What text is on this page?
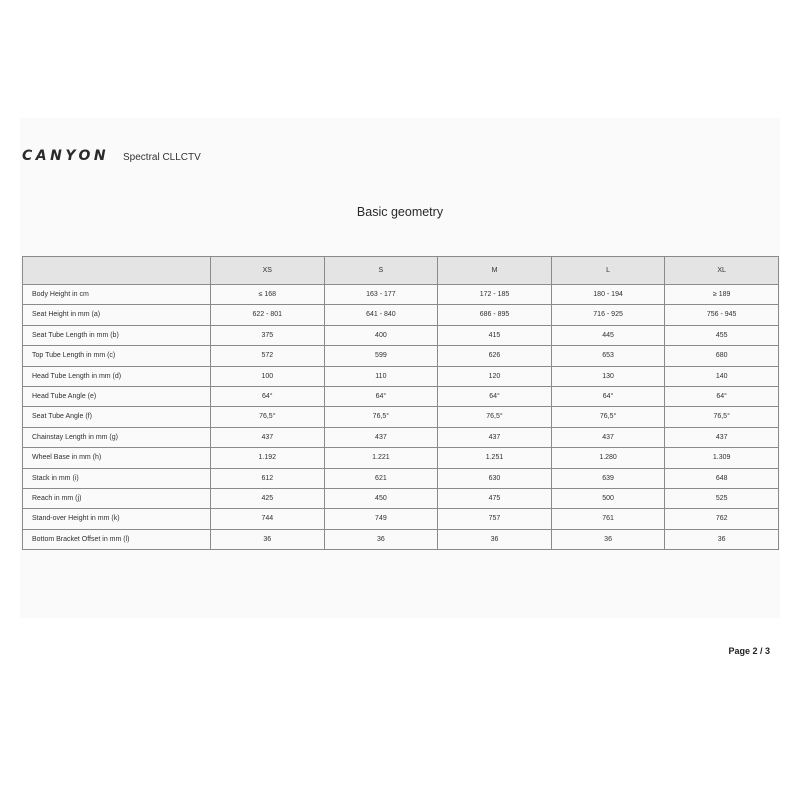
CANYON Spectral CLLCTV
Basic geometry
	XS	S	M	L	XL
Body Height in cm	≤ 168	163 - 177	172 - 185	180 - 194	≥ 189
Seat Height in mm (a)	622 - 801	641 - 840	686 - 895	716 - 925	756 - 945
Seat Tube Length in mm (b)	375	400	415	445	455
Top Tube Length in mm (c)	572	599	626	653	680
Head Tube Length in mm (d)	100	110	120	130	140
Head Tube Angle (e)	64°	64°	64°	64°	64°
Seat Tube Angle (f)	76,5°	76,5°	76,5°	76,5°	76,5°
Chainstay Length in mm (g)	437	437	437	437	437
Wheel Base in mm (h)	1.192	1.221	1.251	1.280	1.309
Stack in mm (i)	612	621	630	639	648
Reach in mm (j)	425	450	475	500	525
Stand-over Height in mm (k)	744	749	757	761	762
Bottom Bracket Offset in mm (l)	36	36	36	36	36
Page 2 / 3
